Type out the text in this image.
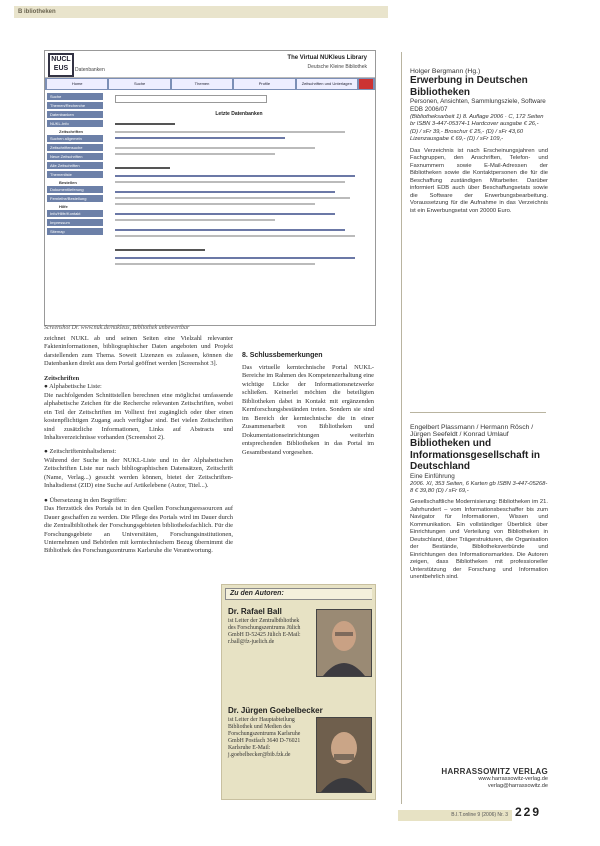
B ibliotheken
NUCL EUS	Datenbanken
The Virtual NUKleus Library
Deutsche Kleine Bibliothek
Home	Suche	Themen	Profile	Zeitschriften und Unterlagen
Suche
Themen/Recherche
Datenbanken
NUKL-Info
Zeitschriften
Suchen allgemein
Zeitschriftensuche
Neue Zeitschriften
Alle Zeitschriften
Themenliste
Bestellen
Dokumentlieferung
Fernleihe/Bestellung
Hilfe
Info/Hilfe/Kontakt
Impressum
Sitemap
Letzte Datenbanken
Screenshot Dr. www.nuk.de/nukleus, Bibliothek unbewertbar

zeichnet NUKL ab und seinen Seiten eine Vielzahl relevanter Fakteninformationen, bibliographischer Daten angeboten und Projekt darstellenden zum Thema. Soweit Lizenzen es zulassen, können die Datenbanken direkt aus dem Portal geöffnet werden [Screenshot 3].

Zeitschriften

● Alphabetische Liste:

Die nachfolgenden Schnittstellen berechnen eine möglichst umfassende alphabetische Zeichen für die Recherche relevanten Zeitschriften, wobei ein Teil der Zeitschriften im Volltext frei zugänglich oder über einen kostenpflichtigen Zugang auch verfügbar sind. Bei vielen Zeitschriften sind zusätzliche Informationen, Links auf Abstracts und Inhaltsverzeichnisse vorhanden (Screenshot 2).

● Zeitschrifteninhaltsdienst:

Während der Suche in der NUKL-Liste und in der Alphabetischen Zeitschriften Liste nur nach bibliographischen Datensätzen, Zeitschrift (Name, Verlag...) gesucht werden können, bietet der Zeitschriften-Inhaltsdienst (ZID) eine Suche auf Artikelebene (Autor, Titel...).

● Übersetzung in den Begriffen:

Das Herzstück des Portals ist in den Quellen Forschungsressourcen auf Dauer geschaffen zu werden. Die Pflege des Portals wird im Dauer durch die Zentralbibliothek der Forschungsgebieten bibliotheksfachlich. Für die Forschungsgebiete an Universitäten, Forschungsinstitutionen, Unternehmen und Behörden mit kerntechnischem Bezug übernimmt die Bibliothek des Forschungszentrums Karlsruhe die Verantwortung.

8. Schlussbemerkungen

Das virtuelle kerntechnische Portal NUKL-Bereiche im Rahmen des Kompetenzerhaltung eine wichtige Lücke der Informationsnetzwerke schließen. Keinerlei möchten die beteiligten Bibliotheken dabei in Kontakt mit ergänzenden Kernforschungsbeständen treten. Sondern sie sind im Bereich der kerntechnische die in einer Zusammenarbeit von Bibliotheken und Dokumentationseinrichtungen weiterhin entsprechenden Bibliotheken in das Portal im Gesamtbestand vorgesehen.

Zu den Autoren:
Dr. Rafael Ball
ist Leiter der Zentralbibliothek des Forschungszentrums Jülich GmbH D-52425 Jülich E-Mail: r.ball@fz-juelich.de
Dr. Jürgen Goebelbecker
ist Leiter der Hauptabteilung Bibliothek und Medien des Forschungszentrums Karlsruhe GmbH Postfach 3640 D-76021 Karlsruhe E-Mail: j.goebelbecker@bib.fzk.de
Holger Bergmann (Hg.)
Erwerbung in Deutschen Bibliotheken
Personen, Ansichten, Sammlungsziele, Software EDB 2006/07
(Bibliotheksarbeit 1) 8. Auflage 2006 · C, 172 Seiten br ISBN 3-447-05374-1 Hardcover ausgabe € 26,- (D) / sFr 39,- Broschur € 25,- (D) / sFr 43,60 Lizenzausgabe € 69,- (D) / sFr 109,-
Das Verzeichnis ist nach Erscheinungsjahren und Fachgruppen, den Anschriften, Telefon- und Faxnummern sowie E-Mail-Adressen der Bibliotheken sowie die Kontaktpersonen die für die Beschaffung zuständigen Mitarbeiter. Darüber informiert EDB auch über Beschaffungsetats sowie die Software der Erwerbungsbearbeitung. Voraussetzung für die Aufnahme in das Verzeichnis ist ein Erwerbungsetat von 20000 Euro.
Engelbert Plassmann / Hermann Rösch / Jürgen Seefeldt / Konrad Umlauf
Bibliotheken und Informationsgesellschaft in Deutschland
Eine Einführung
2006. XI, 353 Seiten, 6 Karten gb ISBN 3-447-05268-8 € 39,80 (D) / sFr 69,-
Gesellschaftliche Modernisierung: Bibliotheken im 21. Jahrhundert – vom Informationsbeschaffer bis zum Navigator für Informationen, Wissen und Kommunikation. Ein vollständiger Überblick über Einrichtungen und Verteilung von Bibliotheken in Deutschland, über Trägerstrukturen, die Organisation der Bestände, Bibliotheksverbünde und Einrichtungen des Informationsmarktes. Die Autoren zeigen, dass Bibliotheken mit professioneller Unterstützung der Forschung und Information unentbehrlich sind.
HARRASSOWITZ VERLAG
www.harrassowitz-verlag.de
verlag@harrassowitz.de
B.I.T.online 9 (2006) Nr. 3 229
